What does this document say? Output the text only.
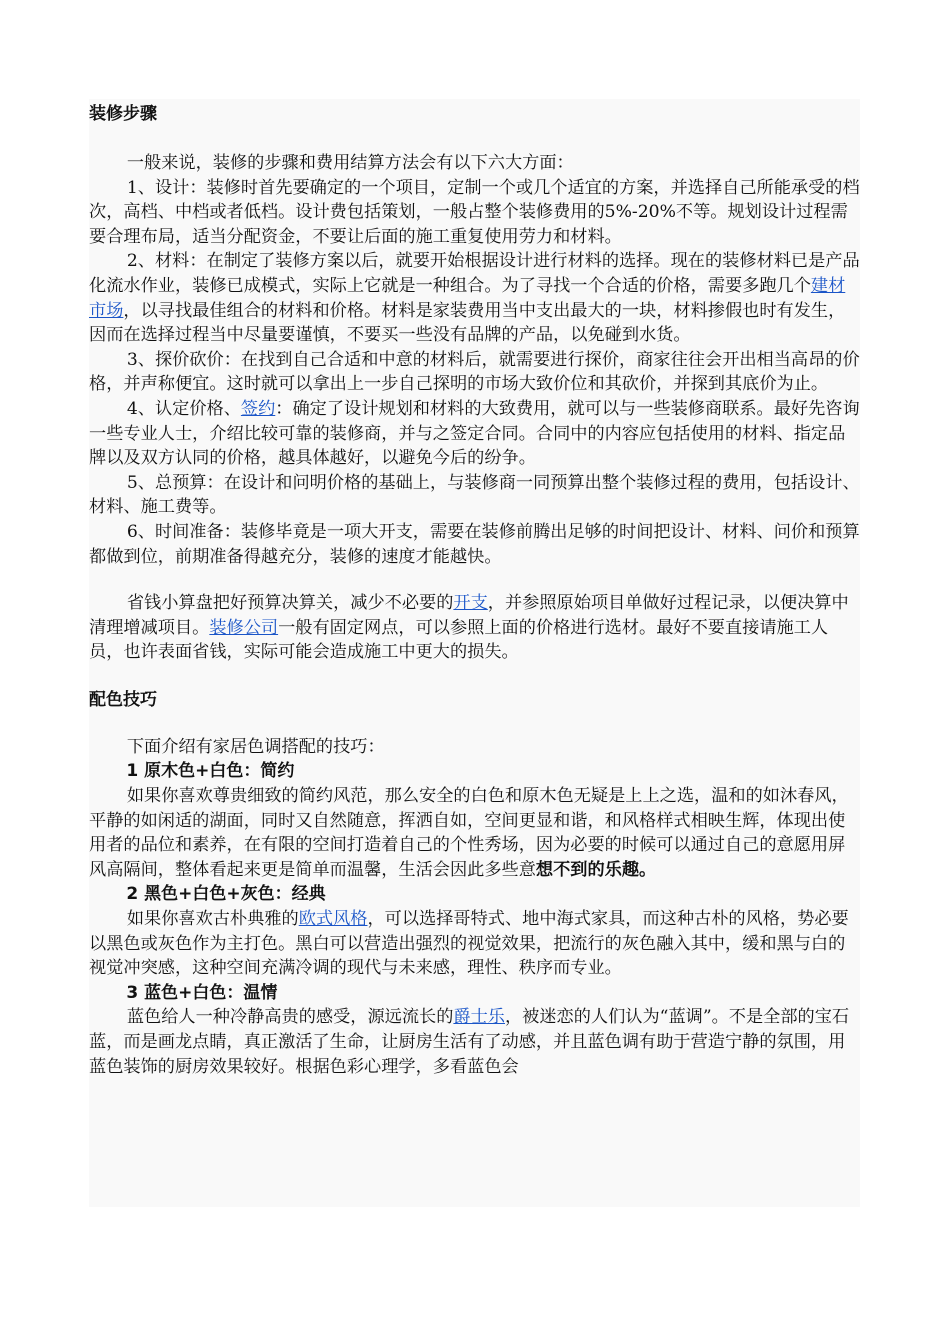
装修步骤

一般来说，装修的步骤和费用结算方法会有以下六大方面：

1、设计：装修时首先要确定的一个项目，定制一个或几个适宜的方案，并选择自己所能承受的档次，高档、中档或者低档。设计费包括策划，一般占整个装修费用的5%-20%不等。规划设计过程需要合理布局，适当分配资金，不要让后面的施工重复使用劳力和材料。

2、材料：在制定了装修方案以后，就要开始根据设计进行材料的选择。现在的装修材料已是产品化流水作业，装修已成模式，实际上它就是一种组合。为了寻找一个合适的价格，需要多跑几个建材市场，以寻找最佳组合的材料和价格。材料是家装费用当中支出最大的一块，材料掺假也时有发生，因而在选择过程当中尽量要谨慎，不要买一些没有品牌的产品，以免碰到水货。

3、探价砍价：在找到自己合适和中意的材料后，就需要进行探价，商家往往会开出相当高昂的价格，并声称便宜。这时就可以拿出上一步自己探明的市场大致价位和其砍价，并探到其底价为止。

4、认定价格、签约：确定了设计规划和材料的大致费用，就可以与一些装修商联系。最好先咨询一些专业人士，介绍比较可靠的装修商，并与之签定合同。合同中的内容应包括使用的材料、指定品牌以及双方认同的价格，越具体越好，以避免今后的纷争。

5、总预算：在设计和问明价格的基础上，与装修商一同预算出整个装修过程的费用，包括设计、材料、施工费等。

6、时间准备：装修毕竟是一项大开支，需要在装修前腾出足够的时间把设计、材料、问价和预算都做到位，前期准备得越充分，装修的速度才能越快。

省钱小算盘把好预算决算关，减少不必要的开支，并参照原始项目单做好过程记录，以便决算中清理增减项目。装修公司一般有固定网点，可以参照上面的价格进行选材。最好不要直接请施工人员，也许表面省钱，实际可能会造成施工中更大的损失。

配色技巧

下面介绍有家居色调搭配的技巧：

1 原木色+白色：简约

如果你喜欢尊贵细致的简约风范，那么安全的白色和原木色无疑是上上之选，温和的如沐春风，平静的如闲适的湖面，同时又自然随意，挥洒自如，空间更显和谐，和风格样式相映生辉，体现出使用者的品位和素养，在有限的空间打造着自己的个性秀场，因为必要的时候可以通过自己的意愿用屏风高隔间，整体看起来更是简单而温馨，生活会因此多些意想不到的乐趣。

2 黑色+白色+灰色：经典

如果你喜欢古朴典雅的欧式风格，可以选择哥特式、地中海式家具，而这种古朴的风格，势必要以黑色或灰色作为主打色。黑白可以营造出强烈的视觉效果，把流行的灰色融入其中，缓和黑与白的视觉冲突感，这种空间充满冷调的现代与未来感，理性、秩序而专业。

3 蓝色+白色：温情

蓝色给人一种冷静高贵的感受，源远流长的爵士乐，被迷恋的人们认为“蓝调”。不是全部的宝石蓝，而是画龙点睛，真正激活了生命，让厨房生活有了动感，并且蓝色调有助于营造宁静的氛围，用蓝色装饰的厨房效果较好。根据色彩心理学，多看蓝色会
